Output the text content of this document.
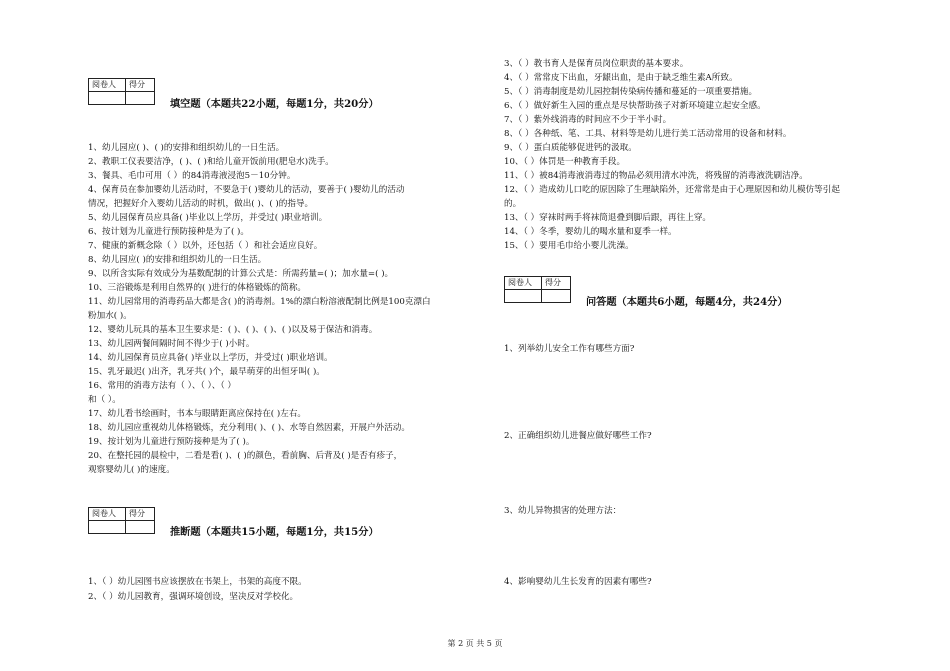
阅卷人	得分

填空题（本题共22小题，每题1分，共20分）
1、幼儿园应( )、( )的安排和组织幼儿的一日生活。
2、教职工仪表要洁净，( )、( )和给儿童开饭前用(肥皂水)洗手。
3、餐具、毛巾可用（ ）的84消毒液浸泡5－10分钟。
4、保育员在参加婴幼儿活动时，不要急于( )婴幼儿的活动，要善于( )婴幼儿的活动
情况，把握好介入婴幼儿活动的时机，做出( )、( )的指导。
5、幼儿园保育员应具备( )毕业以上学历，并受过( )职业培训。
6、按计划为儿童进行预防接种是为了( )。
7、健康的新概念除（ ）以外，还包括（ ）和社会适应良好。
8、幼儿园应( )的安排和组织幼儿的一日生活。
9、以所含实际有效成分为基数配制的计算公式是：所需药量=( )；加水量=( )。
10、三浴锻炼是利用自然界的( )进行的体格锻炼的简称。
11、幼儿园常用的消毒药品大都是含( )的消毒剂。1%的漂白粉溶液配制比例是100克漂白
粉加水( )。
12、婴幼儿玩具的基本卫生要求是：( )、( )、( )、( )以及易于保洁和消毒。
13、幼儿园两餐间隔时间不得少于( )小时。
14、幼儿园保育员应具备( )毕业以上学历，并受过( )职业培训。
15、乳牙最迟( )出齐，乳牙共( )个，最早萌芽的出恒牙叫( )。
16、常用的消毒方法有（ ）、（ ）、（ ）
和（ ）。
17、幼儿看书绘画时，书本与眼睛距离应保持在( )左右。
18、幼儿园应重视幼儿体格锻炼，充分利用( )、( )、水等自然因素，开展户外活动。
19、按计划为儿童进行预防接种是为了( )。
20、在整托园的晨检中，二看是看( )、( )的颜色，看前胸、后背及( )是否有疹子，
观察婴幼儿( )的速度。
阅卷人	得分

推断题（本题共15小题，每题1分，共15分）
1、（ ）幼儿园图书应该摆放在书架上，书架的高度不限。
2、（ ）幼儿园教育，强调环境创设，坚决反对学校化。
3、（ ）教书育人是保育员岗位职责的基本要求。
4、（ ）常常皮下出血，牙龈出血，是由于缺乏维生素A所致。
5、（ ）消毒制度是幼儿园控制传染病传播和蔓延的一项重要措施。
6、（ ）做好新生入园的重点是尽快帮助孩子对新环境建立起安全感。
7、（ ）紫外线消毒的时间应不少于半小时。
8、（ ）各种纸、笔、工具、材料等是幼儿进行美工活动常用的设备和材料。
9、（ ）蛋白质能够促进钙的汲取。
10、（ ）体罚是一种教育手段。
11、（ ）被84消毒液消毒过的物品必须用清水冲洗，将残留的消毒液洗刷洁净。
12、（ ）造成幼儿口吃的原因除了生理缺陷外，还常常是由于心理原因和幼儿模仿等引起
的。
13、（ ）穿袜时两手将袜筒退叠到脚后跟，再往上穿。
14、（ ）冬季，婴幼儿的喝水量和夏季一样。
15、（ ）要用毛巾给小婴儿洗澡。
阅卷人	得分

问答题（本题共6小题，每题4分，共24分）
1、列举幼儿安全工作有哪些方面?
2、正确组织幼儿进餐应做好哪些工作?
3、幼儿异物损害的处理方法：
4、影响婴幼儿生长发育的因素有哪些?
第 2 页 共 5 页
